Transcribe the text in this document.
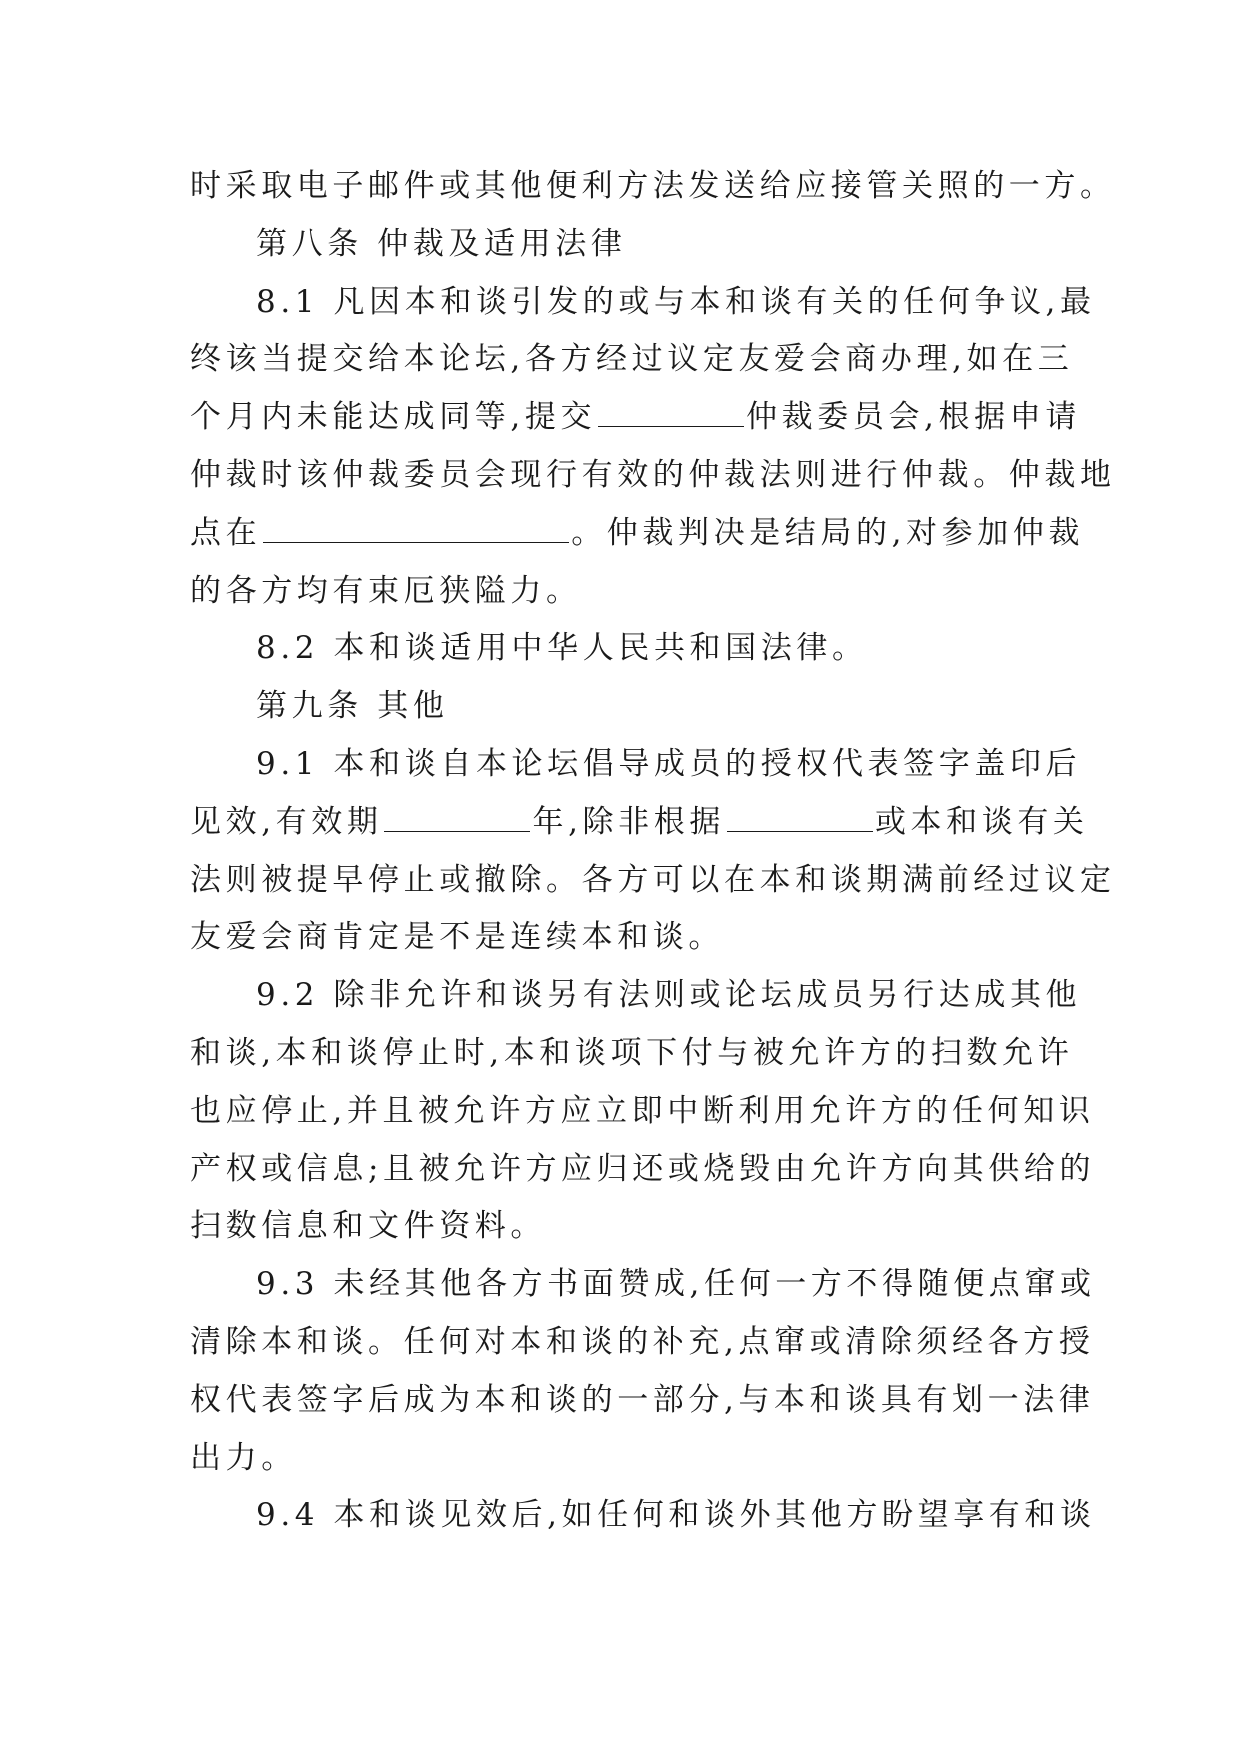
时采取电子邮件或其他便利方法发送给应接管关照的一方。
第八条 仲裁及适用法律
8.1 凡因本和谈引发的或与本和谈有关的任何争议,最
终该当提交给本论坛,各方经过议定友爱会商办理,如在三
个月内未能达成同等,提交	仲裁委员会,根据申请
仲裁时该仲裁委员会现行有效的仲裁法则进行仲裁。仲裁地
点在	。仲裁判决是结局的,对参加仲裁
的各方均有束厄狭隘力。
8.2 本和谈适用中华人民共和国法律。
第九条 其他
9.1 本和谈自本论坛倡导成员的授权代表签字盖印后
见效,有效期	年,除非根据	或本和谈有关
法则被提早停止或撤除。各方可以在本和谈期满前经过议定
友爱会商肯定是不是连续本和谈。
9.2 除非允许和谈另有法则或论坛成员另行达成其他
和谈,本和谈停止时,本和谈项下付与被允许方的扫数允许
也应停止,并且被允许方应立即中断利用允许方的任何知识
产权或信息;且被允许方应归还或烧毁由允许方向其供给的
扫数信息和文件资料。
9.3 未经其他各方书面赞成,任何一方不得随便点窜或
清除本和谈。任何对本和谈的补充,点窜或清除须经各方授
权代表签字后成为本和谈的一部分,与本和谈具有划一法律
出力。
9.4 本和谈见效后,如任何和谈外其他方盼望享有和谈
